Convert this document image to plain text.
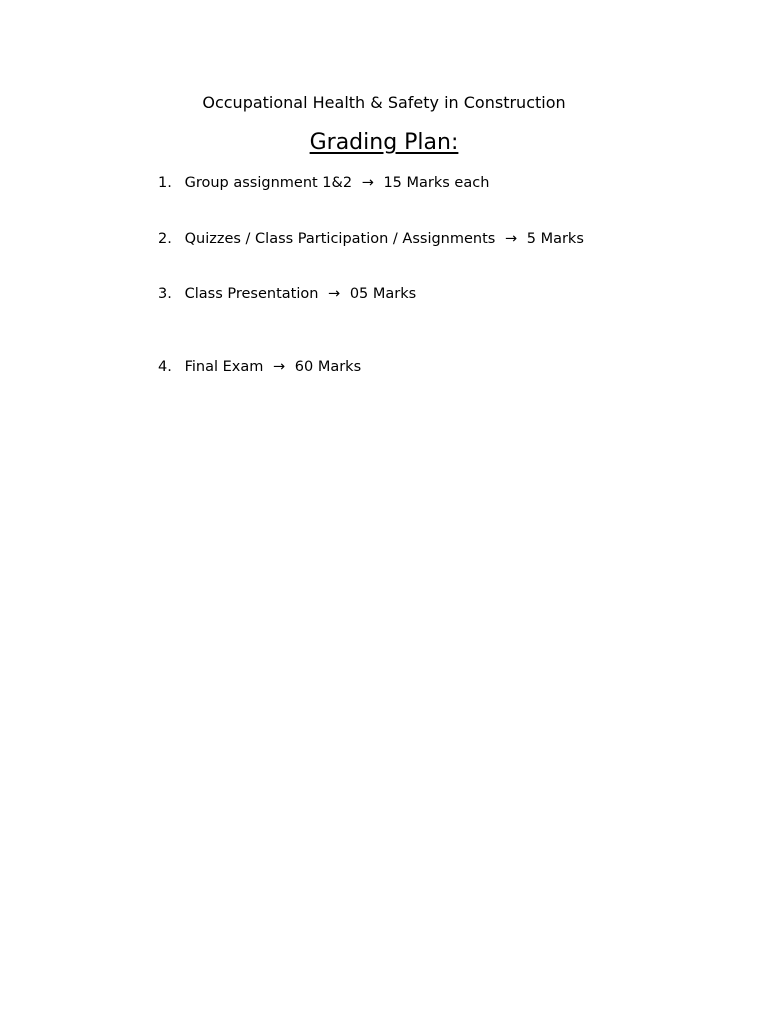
Occupational Health & Safety in Construction
Grading Plan:
1. Group assignment 1&2 → 15 Marks each
2. Quizzes / Class Participation / Assignments → 5 Marks
3. Class Presentation → 05 Marks
4. Final Exam → 60 Marks
